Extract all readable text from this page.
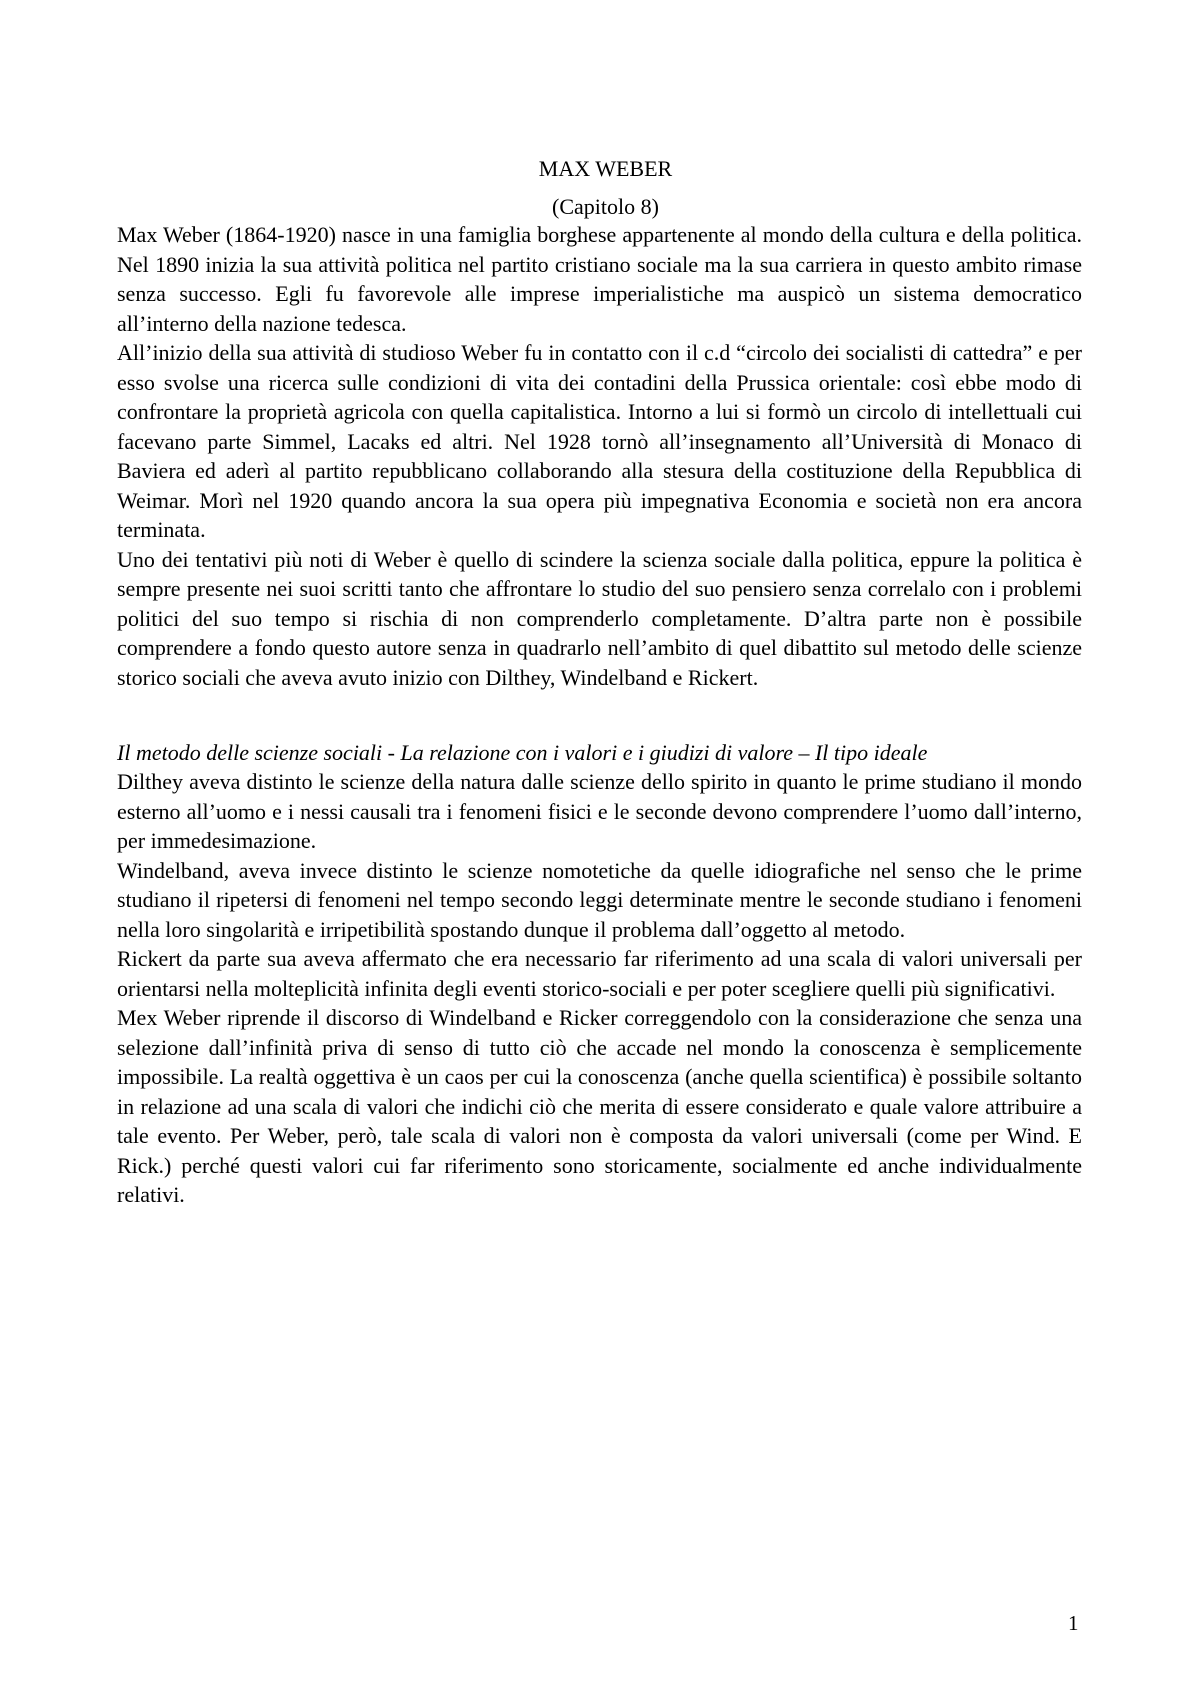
MAX WEBER
(Capitolo 8)

Max Weber (1864-1920) nasce in una famiglia borghese appartenente al mondo della cultura e della politica. Nel 1890 inizia la sua attività politica nel partito cristiano sociale ma la sua carriera in questo ambito rimase senza successo. Egli fu favorevole alle imprese imperialistiche ma auspicò un sistema democratico all’interno della nazione tedesca.

All’inizio della sua attività di studioso Weber fu in contatto con il c.d “circolo dei socialisti di cattedra” e per esso svolse una ricerca sulle condizioni di vita dei contadini della Prussica orientale: così ebbe modo di confrontare la proprietà agricola con quella capitalistica. Intorno a lui si formò un circolo di intellettuali cui facevano parte Simmel, Lacaks ed altri. Nel 1928 tornò all’insegnamento all’Università di Monaco di Baviera ed aderì al partito repubblicano collaborando alla stesura della costituzione della Repubblica di Weimar. Morì nel 1920 quando ancora la sua opera più impegnativa Economia e società non era ancora terminata.

Uno dei tentativi più noti di Weber è quello di scindere la scienza sociale dalla politica, eppure la politica è sempre presente nei suoi scritti tanto che affrontare lo studio del suo pensiero senza correlalo con i problemi politici del suo tempo si rischia di non comprenderlo completamente. D’altra parte non è possibile comprendere a fondo questo autore senza in quadrarlo nell’ambito di quel dibattito sul metodo delle scienze storico sociali che aveva avuto inizio con Dilthey, Windelband e Rickert.

Il metodo delle scienze sociali - La relazione con i valori e i giudizi di valore – Il tipo ideale

Dilthey aveva distinto le scienze della natura dalle scienze dello spirito in quanto le prime studiano il mondo esterno all’uomo e i nessi causali tra i fenomeni fisici e le seconde devono comprendere l’uomo dall’interno, per immedesimazione.

Windelband, aveva invece distinto le scienze nomotetiche da quelle idiografiche nel senso che le prime studiano il ripetersi di fenomeni nel tempo secondo leggi determinate mentre le seconde studiano i fenomeni nella loro singolarità e irripetibilità spostando dunque il problema dall’oggetto al metodo.

Rickert da parte sua aveva affermato che era necessario far riferimento ad una scala di valori universali per orientarsi nella molteplicità infinita degli eventi storico-sociali e per poter scegliere quelli più significativi.

Mex Weber riprende il discorso di Windelband e Ricker correggendolo con la considerazione che senza una selezione dall’infinità priva di senso di tutto ciò che accade nel mondo la conoscenza è semplicemente impossibile. La realtà oggettiva è un caos per cui la conoscenza (anche quella scientifica) è possibile soltanto in relazione ad una scala di valori che indichi ciò che merita di essere considerato e quale valore attribuire a tale evento. Per Weber, però, tale scala di valori non è composta da valori universali (come per Wind. E Rick.) perché questi valori cui far riferimento sono storicamente, socialmente ed anche individualmente relativi.

1
